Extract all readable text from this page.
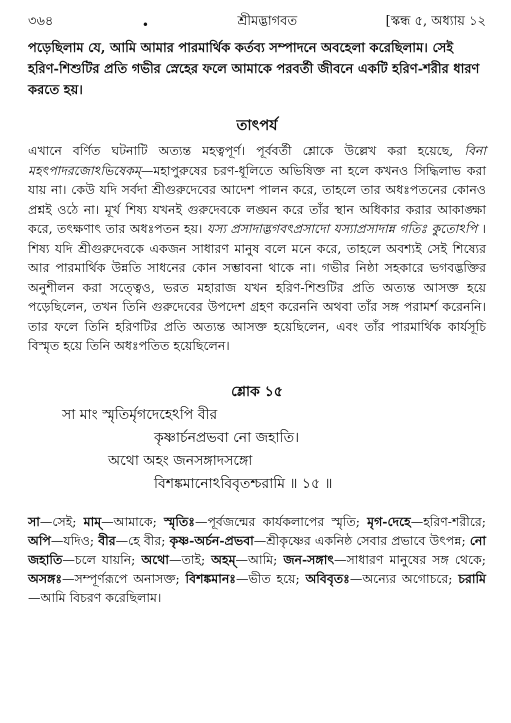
৩৬৪	•	শ্রীমদ্ভাগবত	[স্কন্ধ ৫, অধ্যায় ১২
পড়েছিলাম যে, আমি আমার পারমার্থিক কর্তব্য সম্পাদনে অবহেলা করেছিলাম। সেই হরিণ-শিশুটির প্রতি গভীর স্নেহের ফলে আমাকে পরবর্তী জীবনে একটি হরিণ-শরীর ধারণ করতে হয়।
তাৎপর্য
এখানে বর্ণিত ঘটনাটি অত্যন্ত মহত্বপূর্ণ। পূর্ববর্তী শ্লোকে উল্লেখ করা হয়েছে, বিনা মহৎপাদরজোঽভিষেকম্—মহাপুরুষের চরণ-ধূলিতে অভিষিক্ত না হলে কখনও সিদ্ধিলাভ করা যায় না। কেউ যদি সর্বদা শ্রীগুরুদেবের আদেশ পালন করে, তাহলে তার অধঃপতনের কোনও প্রশ্নই ওঠে না। মূর্খ শিষ্য যখনই গুরুদেবকে লঙ্ঘন করে তাঁর স্থান অধিকার করার আকাঙ্ক্ষা করে, তৎক্ষণাৎ তার অধঃপতন হয়। যস্য প্রসাদাদ্ভগবৎপ্রসাদো যস্যাপ্রসাদান্ন গতিঃ কুতোঽপি । শিষ্য যদি শ্রীগুরুদেবকে একজন সাধারণ মানুষ বলে মনে করে, তাহলে অবশ্যই সেই শিষ্যের আর পারমার্থিক উন্নতি সাধনের কোন সম্ভাবনা থাকে না। গভীর নিষ্ঠা সহকারে ভগবদ্ভক্তির অনুশীলন করা সত্ত্বেও, ভরত মহারাজ যখন হরিণ-শিশুটির প্রতি অত্যন্ত আসক্ত হয়ে পড়েছিলেন, তখন তিনি গুরুদেবের উপদেশ গ্রহণ করেননি অথবা তাঁর সঙ্গ পরামর্শ করেননি। তার ফলে তিনি হরিণটির প্রতি অত্যন্ত আসক্ত হয়েছিলেন, এবং তাঁর পারমার্থিক কার্যসূচি বিস্মৃত হয়ে তিনি অধঃপতিত হয়েছিলেন।
শ্লোক ১৫
সা মাং স্মৃতির্মৃগদেহেঽপি বীর
কৃষ্ণার্চনপ্রভবা নো জহাতি।
অথো অহং জনসঙ্গাদসঙ্গো
বিশঙ্কমানোঽবিবৃতশ্চরামি ॥ ১৫ ॥
সা—সেই; মাম্—আমাকে; স্মৃতিঃ—পূর্বজন্মের কার্যকলাপের স্মৃতি; মৃগ-দেহে—হরিণ-শরীরে; অপি—যদিও; বীর—হে বীর; কৃষ্ণ-অর্চন-প্রভবা—শ্রীকৃষ্ণের একনিষ্ঠ সেবার প্রভাবে উৎপন্ন; নো জহাতি—চলে যায়নি; অথো—তাই; অহম্—আমি; জন-সঙ্গাৎ—সাধারণ মানুষের সঙ্গ থেকে; অসঙ্গঃ—সম্পূর্ণরূপে অনাসক্ত; বিশঙ্কমানঃ—ভীত হয়ে; অবিবৃতঃ—অন্যের অগোচরে; চরামি—আমি বিচরণ করেছিলাম।
